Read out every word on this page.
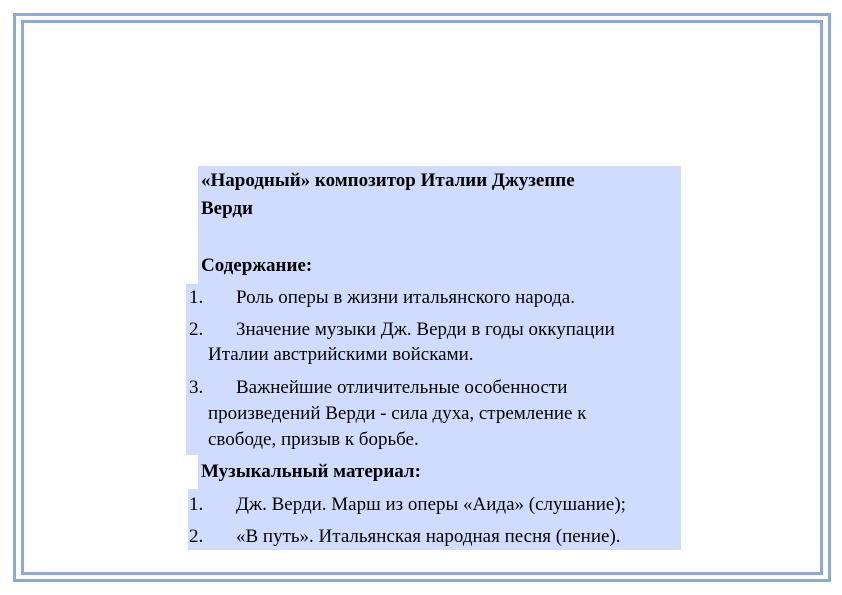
«Народный» композитор Италии Джузеппе
Верди
Содержание:
1. Роль оперы в жизни итальянского народа.
2. Значение музыки Дж. Верди в годы оккупации
Италии австрийскими войсками.
3. Важнейшие отличительные особенности
произведений Верди - сила духа, стремление к
свободе, призыв к борьбе.
Музыкальный материал:
1. Дж. Верди. Марш из оперы «Аида» (слушание);
2. «В путь». Итальянская народная песня (пение).
